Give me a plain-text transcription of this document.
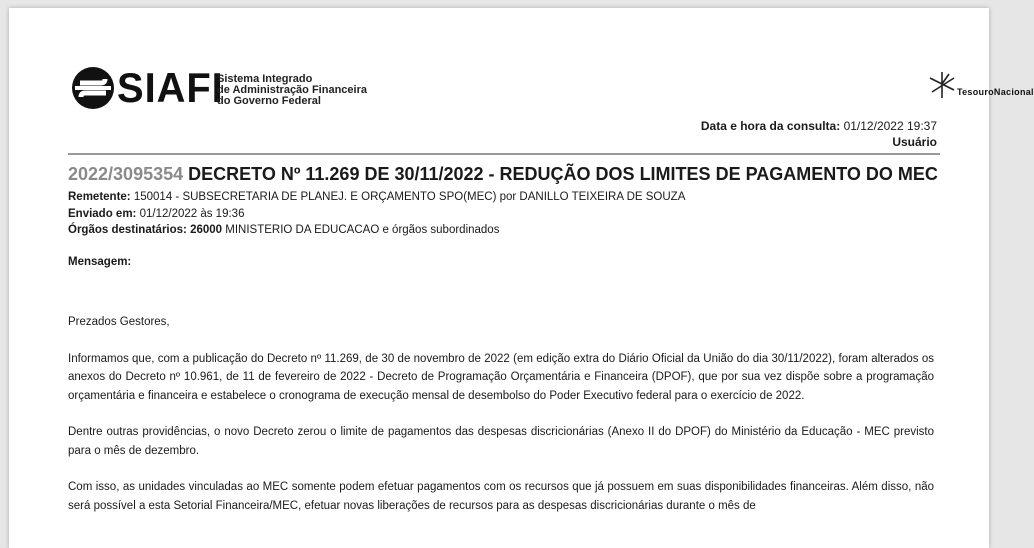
SIAFI
Sistema Integrado
de Administração Financeira
do Governo Federal
TesouroNacional
Data e hora da consulta: 01/12/2022 19:37
Usuário
2022/3095354 DECRETO Nº 11.269 DE 30/11/2022 - REDUÇÃO DOS LIMITES DE PAGAMENTO DO MEC
Remetente: 150014 - SUBSECRETARIA DE PLANEJ. E ORÇAMENTO SPO(MEC) por DANILLO TEIXEIRA DE SOUZA
Enviado em: 01/12/2022 às 19:36
Órgãos destinatários: 26000 MINISTERIO DA EDUCACAO e órgãos subordinados
Mensagem:

Prezados Gestores,

Informamos que, com a publicação do Decreto nº 11.269, de 30 de novembro de 2022 (em edição extra do Diário Oficial da União do dia 30/11/2022), foram alterados os anexos do Decreto nº 10.961, de 11 de fevereiro de 2022 - Decreto de Programação Orçamentária e Financeira (DPOF), que por sua vez dispõe sobre a programação orçamentária e financeira e estabelece o cronograma de execução mensal de desembolso do Poder Executivo federal para o exercício de 2022.

Dentre outras providências, o novo Decreto zerou o limite de pagamentos das despesas discricionárias (Anexo II do DPOF) do Ministério da Educação - MEC previsto para o mês de dezembro.

Com isso, as unidades vinculadas ao MEC somente podem efetuar pagamentos com os recursos que já possuem em suas disponibilidades financeiras. Além disso, não será possível a esta Setorial Financeira/MEC, efetuar novas liberações de recursos para as despesas discricionárias durante o mês de
